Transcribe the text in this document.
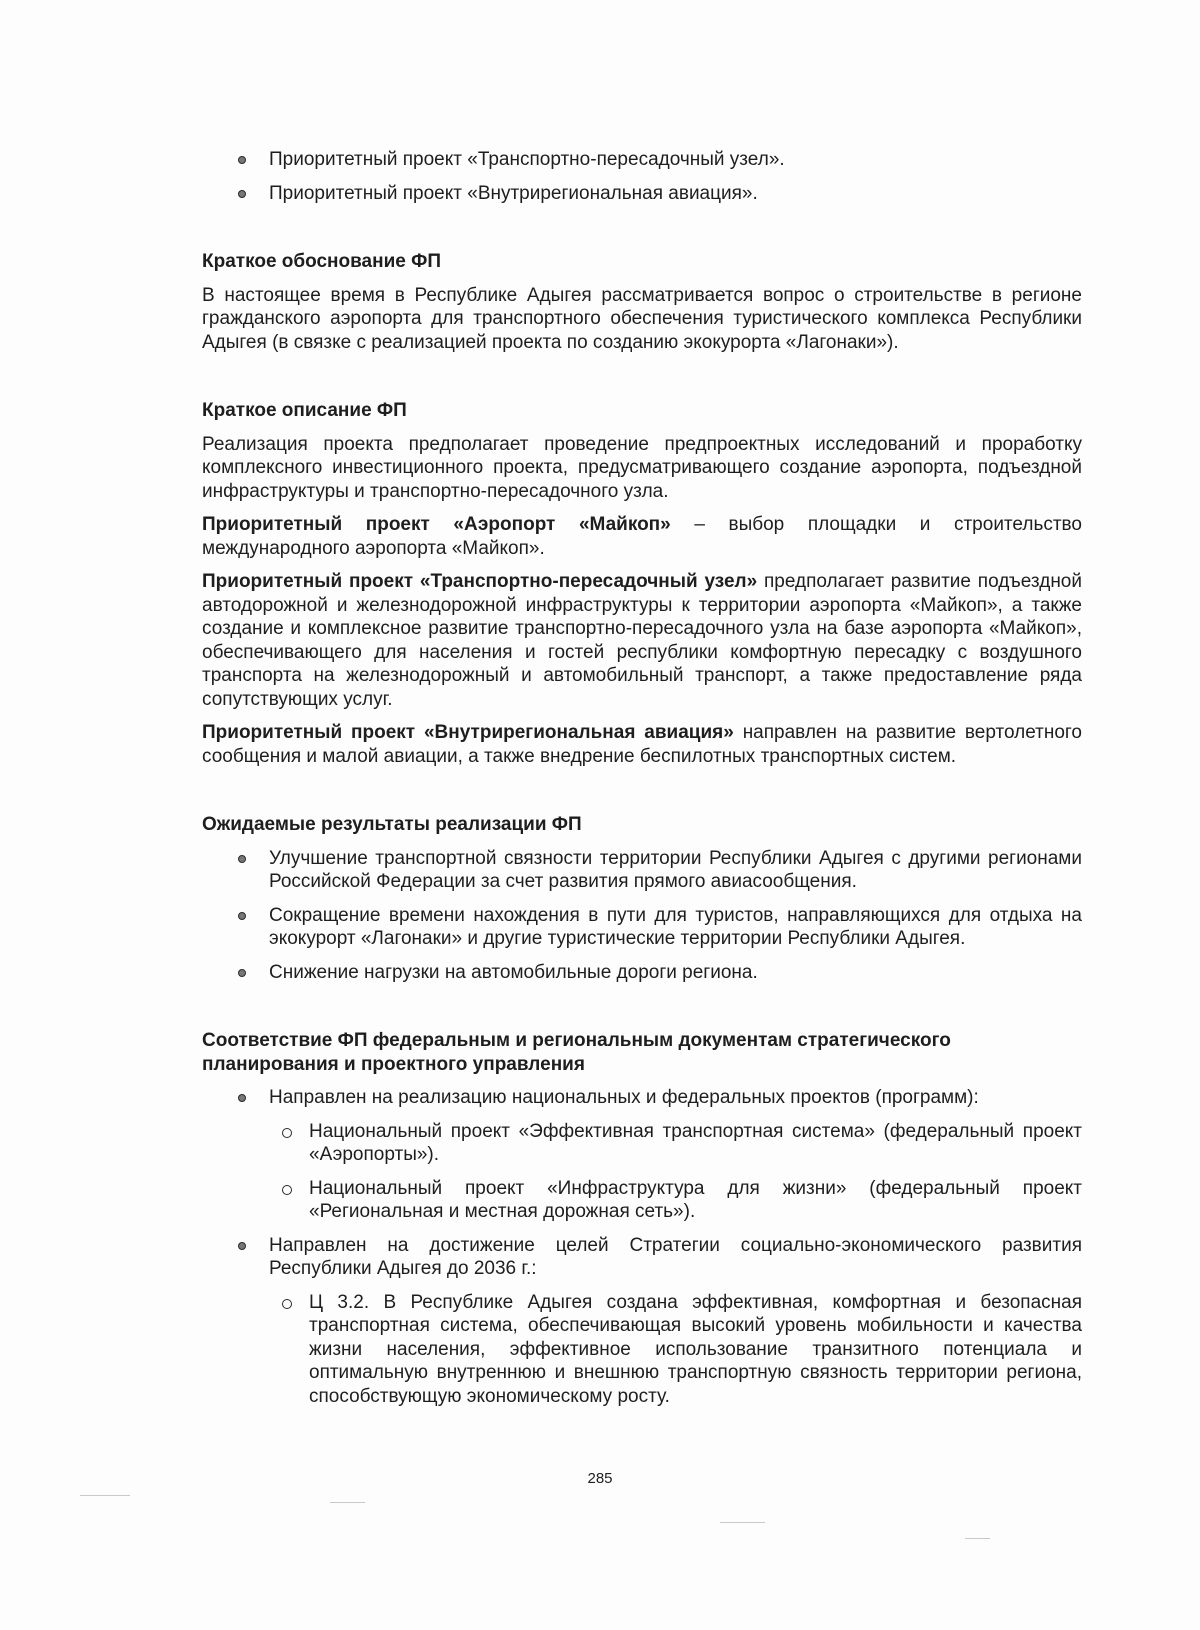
Приоритетный проект «Транспортно-пересадочный узел».
Приоритетный проект «Внутрирегиональная авиация».
Краткое обоснование ФП

В настоящее время в Республике Адыгея рассматривается вопрос о строительстве в регионе гражданского аэропорта для транспортного обеспечения туристического комплекса Республики Адыгея (в связке с реализацией проекта по созданию экокурорта «Лагонаки»).

Краткое описание ФП

Реализация проекта предполагает проведение предпроектных исследований и проработку комплексного инвестиционного проекта, предусматривающего создание аэропорта, подъездной инфраструктуры и транспортно-пересадочного узла.

Приоритетный проект «Аэропорт «Майкоп» – выбор площадки и строительство международного аэропорта «Майкоп».

Приоритетный проект «Транспортно-пересадочный узел» предполагает развитие подъездной автодорожной и железнодорожной инфраструктуры к территории аэропорта «Майкоп», а также создание и комплексное развитие транспортно-пересадочного узла на базе аэропорта «Майкоп», обеспечивающего для населения и гостей республики комфортную пересадку с воздушного транспорта на железнодорожный и автомобильный транспорт, а также предоставление ряда сопутствующих услуг.

Приоритетный проект «Внутрирегиональная авиация» направлен на развитие вертолетного сообщения и малой авиации, а также внедрение беспилотных транспортных систем.

Ожидаемые результаты реализации ФП
Улучшение транспортной связности территории Республики Адыгея с другими регионами Российской Федерации за счет развития прямого авиасообщения.
Сокращение времени нахождения в пути для туристов, направляющихся для отдыха на экокурорт «Лагонаки» и другие туристические территории Республики Адыгея.
Снижение нагрузки на автомобильные дороги региона.
Соответствие ФП федеральным и региональным документам стратегического планирования и проектного управления
Направлен на реализацию национальных и федеральных проектов (программ):
Национальный проект «Эффективная транспортная система» (федеральный проект «Аэропорты»).
Национальный проект «Инфраструктура для жизни» (федеральный проект «Региональная и местная дорожная сеть»).
Направлен на достижение целей Стратегии социально-экономического развития Республики Адыгея до 2036 г.:
Ц 3.2. В Республике Адыгея создана эффективная, комфортная и безопасная транспортная система, обеспечивающая высокий уровень мобильности и качества жизни населения, эффективное использование транзитного потенциала и оптимальную внутреннюю и внешнюю транспортную связность территории региона, способствующую экономическому росту.
285
